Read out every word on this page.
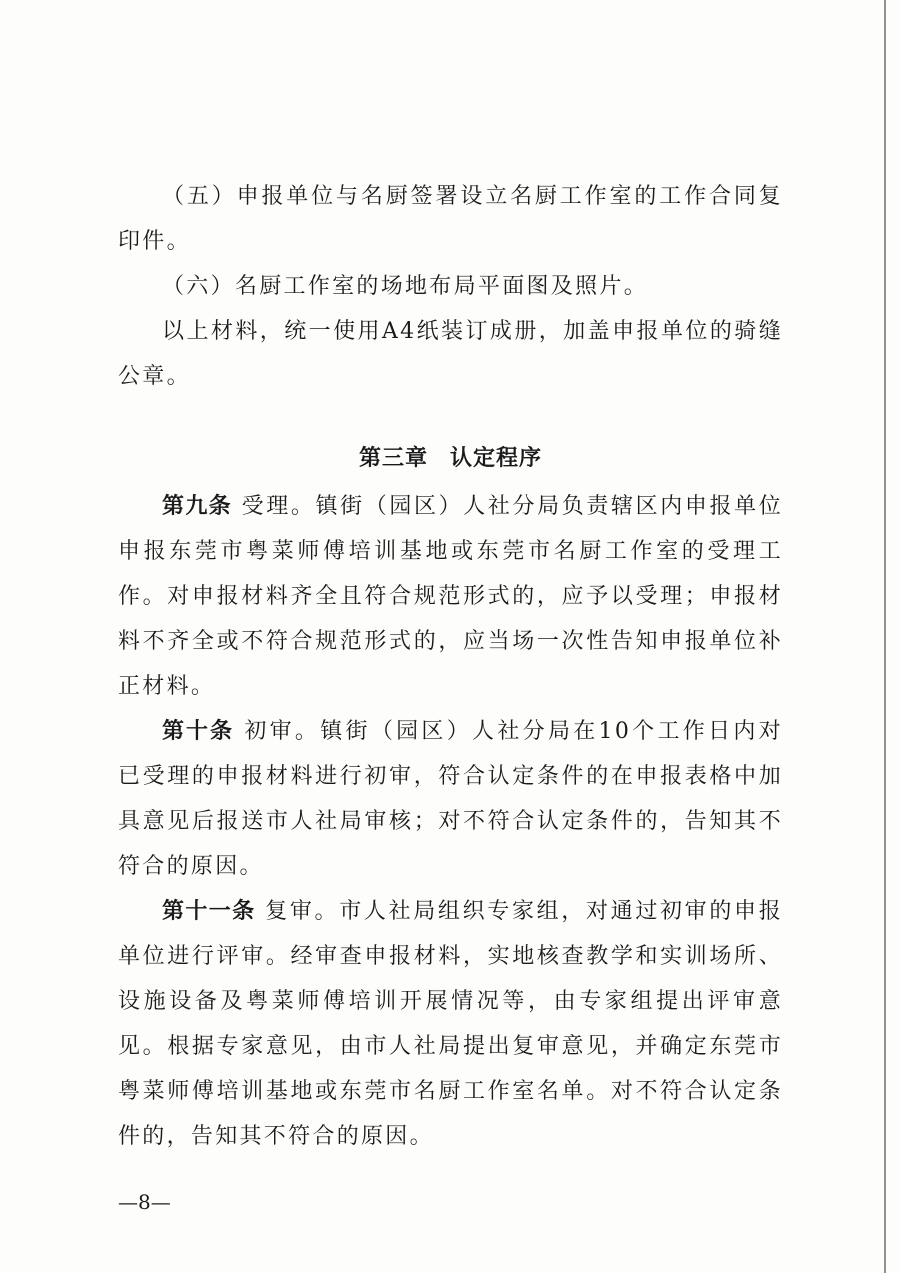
（五）申报单位与名厨签署设立名厨工作室的工作合同复印件。

（六）名厨工作室的场地布局平面图及照片。

以上材料，统一使用A4纸装订成册，加盖申报单位的骑缝公章。

第三章 认定程序

第九条 受理。镇街（园区）人社分局负责辖区内申报单位申报东莞市粤菜师傅培训基地或东莞市名厨工作室的受理工作。对申报材料齐全且符合规范形式的，应予以受理；申报材料不齐全或不符合规范形式的，应当场一次性告知申报单位补正材料。

第十条 初审。镇街（园区）人社分局在10个工作日内对已受理的申报材料进行初审，符合认定条件的在申报表格中加具意见后报送市人社局审核；对不符合认定条件的，告知其不符合的原因。

第十一条 复审。市人社局组织专家组，对通过初审的申报单位进行评审。经审查申报材料，实地核查教学和实训场所、设施设备及粤菜师傅培训开展情况等，由专家组提出评审意见。根据专家意见，由市人社局提出复审意见，并确定东莞市粤菜师傅培训基地或东莞市名厨工作室名单。对不符合认定条件的，告知其不符合的原因。

—8—
